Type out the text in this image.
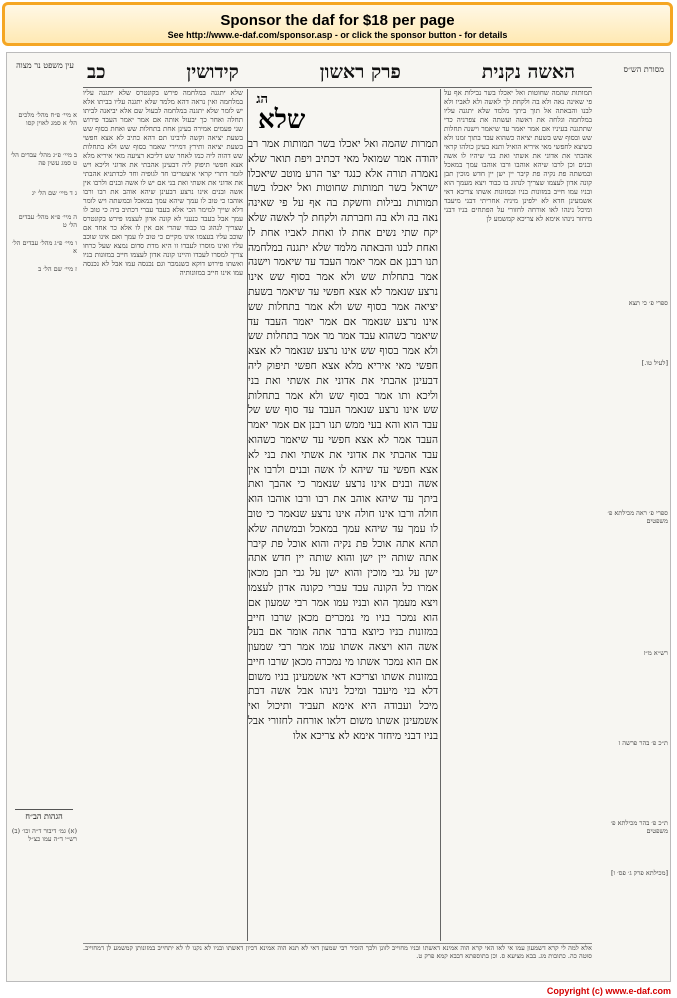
Sponsor the daf for $18 per page
See http://www.e-daf.com/sponsor.asp - or click the sponsor button - for details
האשה נקנית
פרק ראשון
קידושין
כב	מסורת הש״ס
עין משפט נר מצוה
תמותות שהמה שחוטות ואל יאכלו בשר נבילות אף על פי שאינה נאה ולא בה ולקחת לך לאשה ולא לאביו ולא לבנו והבאתה אל תוך ביתך מלמד שלא יתגנה עליו במלחמה וגלחה את ראשה ועשתה את צפרניה כדי שתתגנה בעיניו אם אמר יאמר עד שיאמר וישנה תחלות שש ובסוף שש בשעת יציאה כשהוא עבד בתוך זמנו ולא כשיצא לחפשי מאי איריא הואיל ותנא בעינן כולהו קראי אהבתי את אדוני את אשתי ואת בני שיהיו לו אשה ובנים וכן לרבו שיהא אוהבו ורבו אוהבו עמך במאכל ובמשתה פת נקיה פת קיבר יין ישן יין חדש מוכין תבן קונה אדון לעצמו שצריך לנהוג בו כבוד ויצא מעמך הוא ובניו עמו חייב במזונות בניו ובמזונות אשתו צריכא דאי אשמעינן חדא לא ילפינן מיניה אחריתי דבני מיעבד ומיכל נינהו לאו אורחה לחזורי על הפתחים בניו דבני מיחזר נינהו אימא לא צריכא קמשמע לן
שלא יתגנה במלחמה פירש בקונטרס שלא יתגנה עליו במלחמה ואין נראה דהא מלמד שלא יתגנה עליו בביתו אלא יש לומר שלא יתגנה במלחמה לבעול שם אלא יביאנה לביתו תחלה ואחר כך יבעול אותה אם אמר יאמר העבד פירוש שני פעמים אמירה בעינן אחת בתחלות שש ואחת בסוף שש בשעת יציאה וקשה לרבינו תם דהא כתיב לא אצא חפשי בשעת יציאה ותירץ דמיירי שאמר בסוף שש ולא בתחלות שש דהוה ליה כמו לאחר שש דליכא רציעה מאי איריא מלא אצא חפשי תיפוק ליה דבעינן אהבתי את אדוני וליכא ויש לומר דתרי קראי איצטריכו חד לגופיה וחד לכדתניא אהבתי את אדוני את אשתי ואת בני אם יש לו אשה ובנים ולרבו אין אשה ובנים אינו נרצע דבעינן שיהא אוהב את רבו ורבו אוהבו כי טוב לו עמך שיהא עמך במאכל ובמשתה ויש לומר דלא שייך למימר הכי אלא בעבד עברי דכתיב ביה כי טוב לו עמך אבל בעבד כנעני לא קונה אדון לעצמו פירש בקונטרס שצריך לנהוג בו כבוד שהרי אם אין לו אלא כר אחד אם שוכב עליו בעצמו אינו מקיים כי טוב לו עמך ואם אינו שוכב עליו ואינו מוסרו לעבדו זו היא מדת סדום נמצא שעל כרחו צריך למסרו לעבדו והיינו קונה אדון לעצמו חייב במזונות בניו ואשתו פירוש דוקא כשנמכר וגם נכנסה עמו אבל לא נכנסה עמו אינו חייב במזונותיה
הג
שלא
תמרות שהמה ואל יאכלו בשר תמותות אמר רב יהודה אמר שמואל מאי דכתיב ויפת תואר שלא נאמרה תורה אלא כנגד יצר הרע מוטב שיאכלו ישראל בשר תמותות שחוטות ואל יאכלו בשר תמותות נבילות וחשקת בה אף על פי שאינה נאה בה ולא בה וחברתה ולקחת לך לאשה שלא יקח שתי נשים אחת לו ואחת לאביו אחת לו ואחת לבנו והבאתה מלמד שלא יתגנה במלחמה תנו רבנן אם אמר יאמר העבד עד שיאמר וישנה אמר בתחלות שש ולא אמר בסוף שש אינו נרצע שנאמר לא אצא חפשי עד שיאמר בשעת יציאה אמר בסוף שש ולא אמר בתחלות שש אינו נרצע שנאמר אם אמר יאמר העבד עד שיאמר כשהוא עבד אמר מר אמר בתחלות שש ולא אמר בסוף שש אינו נרצע שנאמר לא אצא חפשי מאי איריא מלא אצא חפשי תיפוק ליה דבעינן אהבתי את אדוני את אשתי ואת בני וליכא ותו אמר בסוף שש ולא אמר בתחלות שש אינו נרצע שנאמר העבד עד סוף שש של עבד הוא והא בעי ממש תנו רבנן אם אמר יאמר העבד אמר לא אצא חפשי עד שיאמר כשהוא עבד אהבתי את אדוני את אשתי ואת בני לא אצא חפשי עד שיהא לו אשה ובנים ולרבו אין אשה ובנים אינו נרצע שנאמר כי אהבך ואת ביתך עד שיהא אוהב את רבו ורבו אוהבו הוא חולה ורבו אינו חולה אינו נרצע שנאמר כי טוב לו עמך עד שיהא עמך במאכל ובמשתה שלא תהא אתה אוכל פת נקיה והוא אוכל פת קיבר אתה שותה יין ישן והוא שותה יין חדש אתה ישן על גבי מוכין והוא ישן על גבי תבן מכאן אמרו כל הקונה עבד עברי כקונה אדון לעצמו ויצא מעמך הוא ובניו עמו אמר רבי שמעון אם הוא נמכר בניו מי נמכרים מכאן שרבו חייב במזונות בניו כיוצא בדבר אתה אומר אם בעל אשה הוא ויצאה אשתו עמו אמר רבי שמעון אם הוא נמכר אשתו מי נמכרה מכאן שרבו חייב במזונות אשתו וצריכא דאי אשמעינן בניו משום דלא בני מיעבד ומיכל נינהו אבל אשה דבת מיכל ועבודה היא אימא תעביד ותיכול ואי אשמעינן אשתו משום דלאו אורחה לחזורי אבל בניו דבני מיחזר אימא לא צריכא אלו
ספרי פ׳ כי תצא
[לעיל טו.]
ספרי פ׳ ראה מכילתא פ׳ משפטים
רש״א מ״ז
ת״כ פ׳ בהר פרשה ז
ת״כ פ׳ בהר מכילתא פ׳ משפטים
[מכילתא פרק ג׳ פס׳ ו]
א מיי׳ פ״ח מהל׳ מלכים הל׳ א סמג לאוין קסו
ב מיי׳ פ״ג מהל׳ עבדים הל׳ ט סמג עשין פה
ג ד מיי׳ שם הל׳ יג
ה מיי׳ פ״א מהל׳ עבדים הל׳ ט
ו מיי׳ פ״ג מהל׳ עבדים הל׳ א
ז מיי׳ שם הל׳ ב
הגהות הב״ח
(א) גמ׳ דיבור ד״ה וכו׳ (ב) רש״י ד״ה עמו כצ״ל
אלא למה לי קרא דשמעון עמו אי לאו האי קרא הוה אמינא דאשתו ובניו מחוייב לזונן ולכך הזכיר רבי שמעון דאי לא תנא הוה אמינא דכיון דאשתו ובניו לא נקנו לו לא יתחייב במזונותן קמשמע לן דמחוייב. סוטה כה. כתובות מג. בבא מציעא ס. וכן בתוספתא דבבא קמא פרק ט.
Copyright (c) www.e-daf.com
